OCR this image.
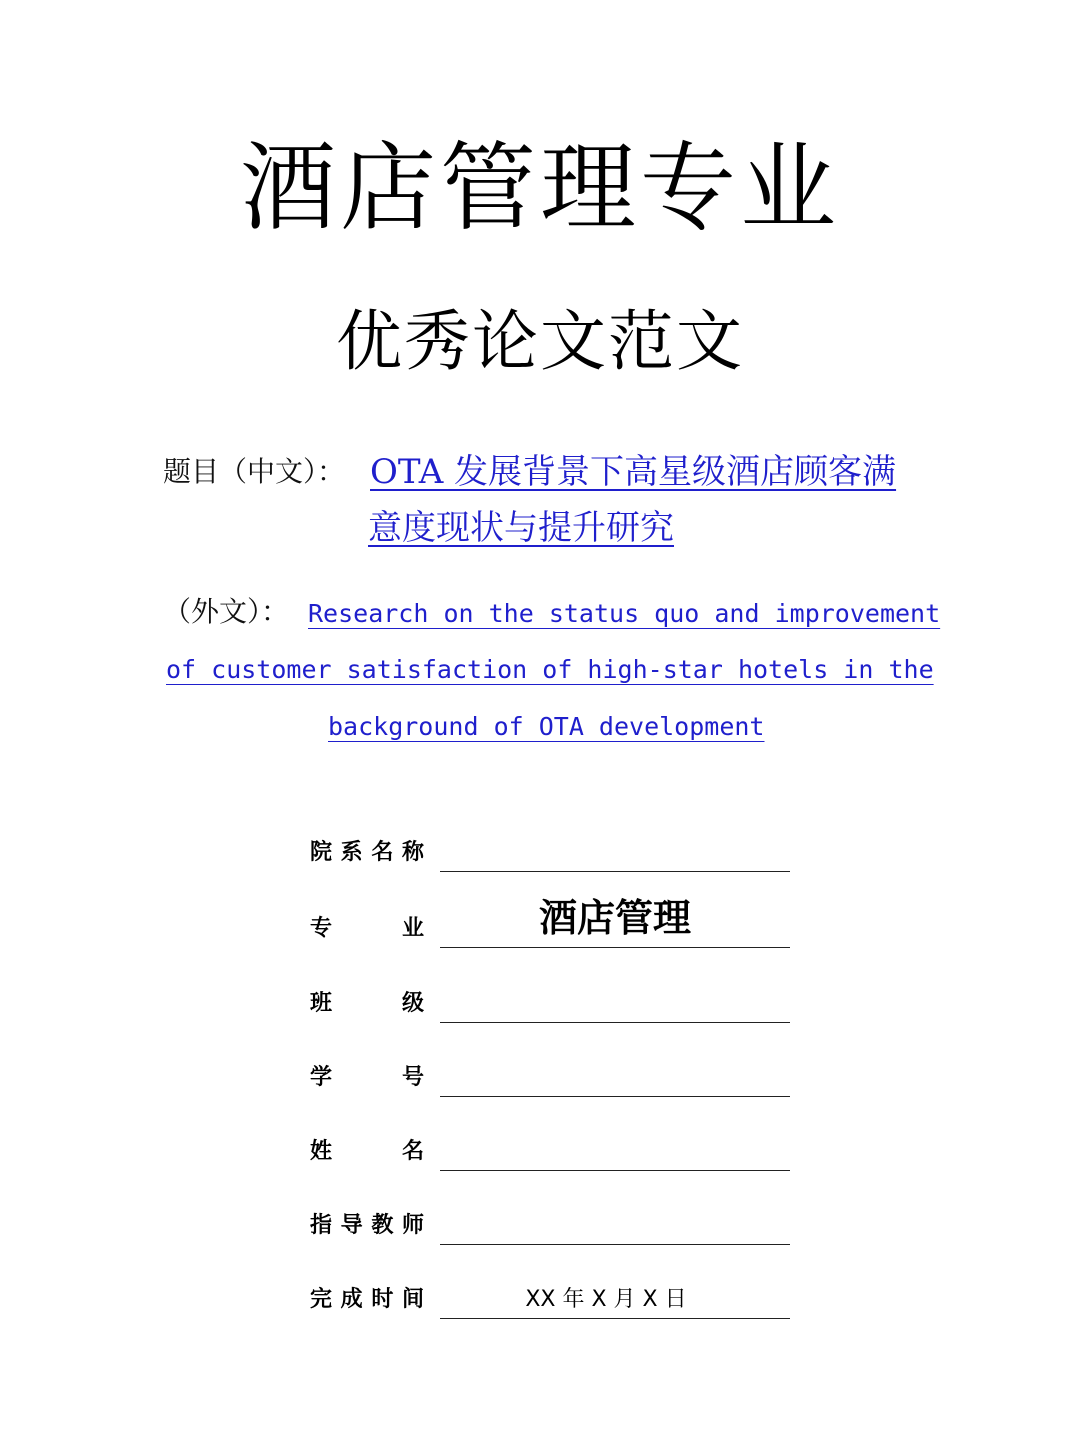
酒店管理专业
优秀论文范文
题目（中文）： OTA 发展背景下高星级酒店顾客满
意度现状与提升研究
（外文）： Research on the status quo and improvement
of customer satisfaction of high-star hotels in the
background of OTA development
院系名称
专业	酒店管理
班级
学号
姓名
指导教师
完成时间	XX 年 X 月 X 日
